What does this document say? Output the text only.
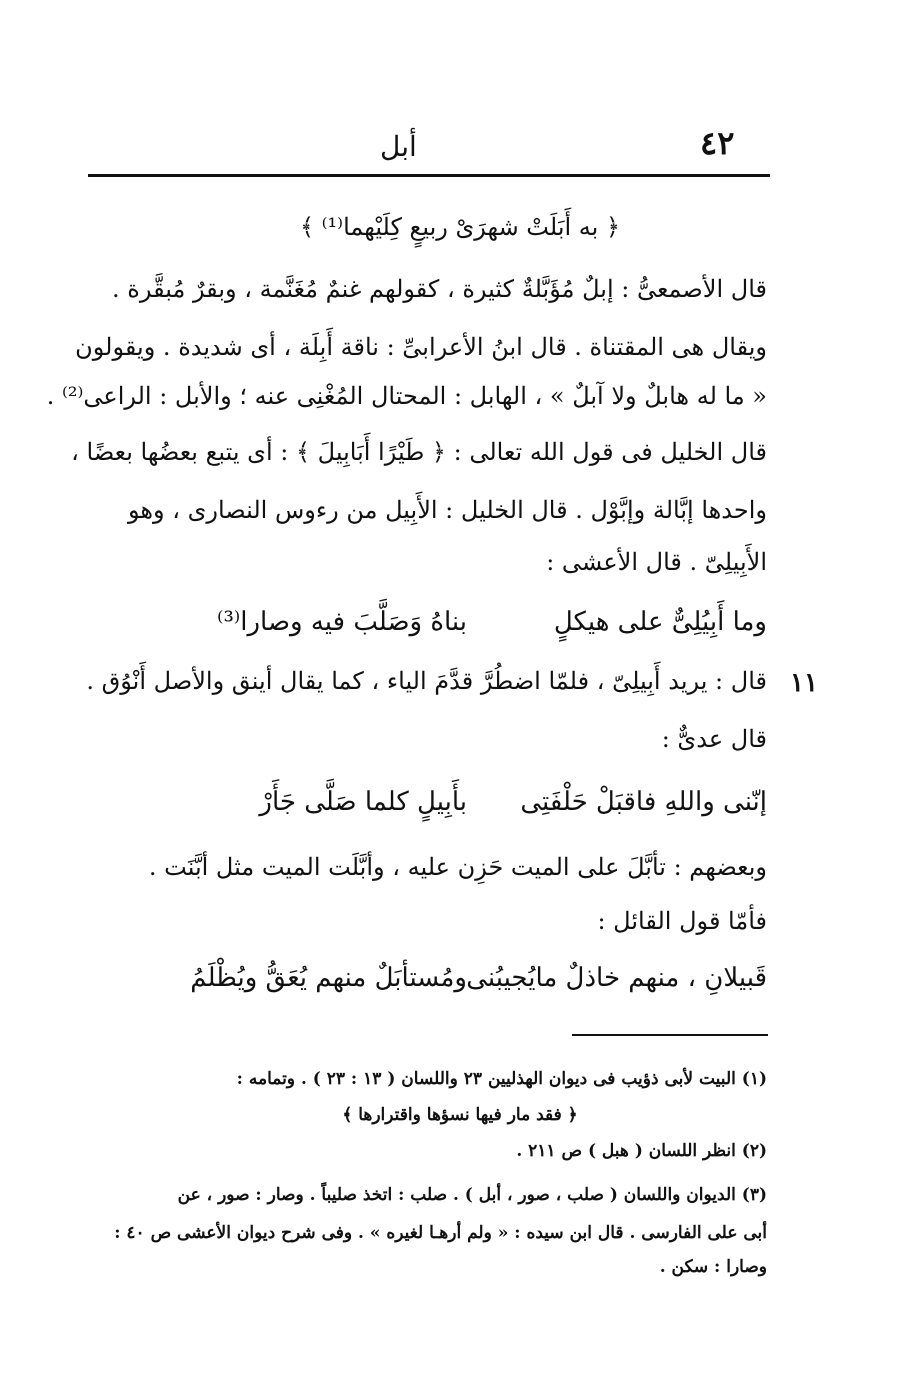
٤٢
أبل
﴿ به أَبَلَتْ شهرَىْ ربيعٍ كِلَيْهما⁽¹⁾ ﴾
قال الأصمعىُّ : إبلٌ مُؤَبَّلةٌ كثيرة ، كقولهم غنمٌ مُغَنَّمة ، وبقرٌ مُبقَّرة .
ويقال هى المقتناة . قال ابنُ الأعرابىِّ : ناقة أَبِلَة ، أى شديدة . ويقولون
« ما له هابلٌ ولا آبلٌ » ، الهابل : المحتال المُغْنِى عنه ؛ والأبل : الراعى⁽²⁾ .
قال الخليل فى قول الله تعالى : ﴿ طَيْرًا أَبَابِيلَ ﴾ : أى يتبع بعضُها بعضًا ،
واحدها إبَّالة وإبَّوْل . قال الخليل : الأَبِيل من رءوس النصارى ، وهو
الأَبِيلِىّ . قال الأعشى :
بناهُ وَصَلَّبَ فيه وصارا⁽³⁾	وما أَبِيُلِىٌّ على هيكلٍ
١١
قال : يريد أَبِيلِىّ ، فلمّا اضطُرَّ قدَّمَ الياء ، كما يقال أينق والأصل أَنْوُق .
قال عدىٌّ :
بأَبِيلٍ كلما صَلَّى جَأَرْ إنّنى واللهِ فاقبَلْ حَلْفَتِى
وبعضهم : تأبَّلَ على الميت حَزِن عليه ، وأبَّلَت الميت مثل أبَّنَت .
فأمّا قول القائل :
ومُستأبَلٌ منهم يُعَقُّ ويُظْلَمُ قَبيلانِ ، منهم خاذلٌ مايُجيبُنى
(١) البيت لأبى ذؤيب فى ديوان الهذليين ٢٣ واللسان ( ١٣ : ٢٣ ) . وتمامه :
﴿ فقد مار فيها نسؤها واقترارها ﴾
(٢) انظر اللسان ( هبل ) ص ٢١١ .
(٣) الديوان واللسان ( صلب ، صور ، أبل ) . صلب : اتخذ صليباً . وصار : صور ، عن
أبى على الفارسى . قال ابن سيده : « ولم أرهـا لغيره » . وفى شرح ديوان الأعشى ص ٤٠ :
وصارا : سكن .
